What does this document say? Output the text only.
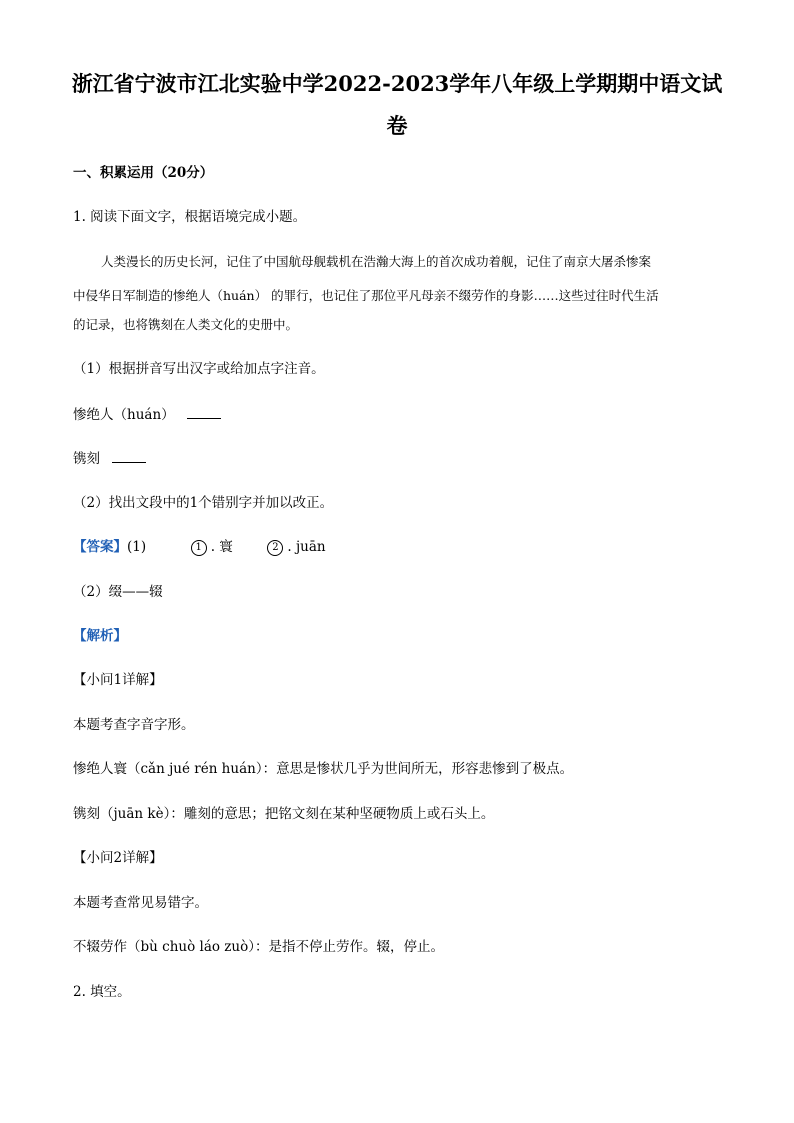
浙江省宁波市江北实验中学2022-2023学年八年级上学期期中语文试
卷
一、积累运用（20分）
1. 阅读下面文字，根据语境完成小题。
人类漫长的历史长河，记住了中国航母舰载机在浩瀚大海上的首次成功着舰，记住了南京大屠杀惨案
中侵华日军制造的惨绝人（huán） 的罪行，也记住了那位平凡母亲不缀劳作的身影……这些过往时代生活
的记录，也将镌刻在人类文化的史册中。
（1）根据拼音写出汉字或给加点字注音。
惨绝人（huán）
镌刻
（2）找出文段中的1个错别字并加以改正。
【答案】(1)	1 . 寰	2 . juān
（2）缀——辍
【解析】
【小问1详解】
本题考查字音字形。
惨绝人寰（cǎn jué rén huán）：意思是惨状几乎为世间所无，形容悲惨到了极点。
镌刻（juān kè）：雕刻的意思；把铭文刻在某种坚硬物质上或石头上。
【小问2详解】
本题考查常见易错字。
不辍劳作（bù chuò láo zuò）：是指不停止劳作。辍，停止。
2. 填空。
